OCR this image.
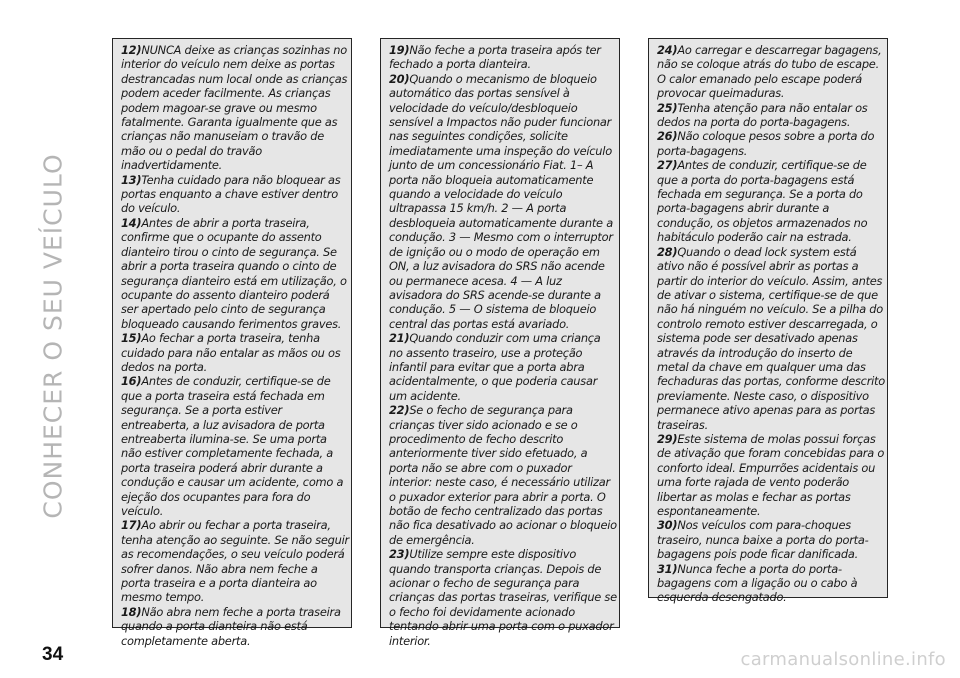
CONHECER O SEU VEÍCULO

12)NUNCA deixe as crianças sozinhas no interior do veículo nem deixe as portas destrancadas num local onde as crianças podem aceder facilmente. As crianças podem magoar-se grave ou mesmo fatalmente. Garanta igualmente que as crianças não manuseiam o travão de mão ou o pedal do travão inadvertidamente.

13)Tenha cuidado para não bloquear as portas enquanto a chave estiver dentro do veículo.

14)Antes de abrir a porta traseira, confirme que o ocupante do assento dianteiro tirou o cinto de segurança. Se abrir a porta traseira quando o cinto de segurança dianteiro está em utilização, o ocupante do assento dianteiro poderá ser apertado pelo cinto de segurança bloqueado causando ferimentos graves.

15)Ao fechar a porta traseira, tenha cuidado para não entalar as mãos ou os dedos na porta.

16)Antes de conduzir, certifique-se de que a porta traseira está fechada em segurança. Se a porta estiver entreaberta, a luz avisadora de porta entreaberta ilumina-se. Se uma porta não estiver completamente fechada, a porta traseira poderá abrir durante a condução e causar um acidente, como a ejeção dos ocupantes para fora do veículo.

17)Ao abrir ou fechar a porta traseira, tenha atenção ao seguinte. Se não seguir as recomendações, o seu veículo poderá sofrer danos. Não abra nem feche a porta traseira e a porta dianteira ao mesmo tempo.

18)Não abra nem feche a porta traseira quando a porta dianteira não está completamente aberta.

19)Não feche a porta traseira após ter fechado a porta dianteira.

20)Quando o mecanismo de bloqueio automático das portas sensível à velocidade do veículo/desbloqueio sensível a Impactos não puder funcionar nas seguintes condições, solicite imediatamente uma inspeção do veículo junto de um concessionário Fiat. 1– A porta não bloqueia automaticamente quando a velocidade do veículo ultrapassa 15 km/h. 2 — A porta desbloqueia automaticamente durante a condução. 3 — Mesmo com o interruptor de ignição ou o modo de operação em ON, a luz avisadora do SRS não acende ou permanece acesa. 4 — A luz avisadora do SRS acende-se durante a condução. 5 — O sistema de bloqueio central das portas está avariado.

21)Quando conduzir com uma criança no assento traseiro, use a proteção infantil para evitar que a porta abra acidentalmente, o que poderia causar um acidente.

22)Se o fecho de segurança para crianças tiver sido acionado e se o procedimento de fecho descrito anteriormente tiver sido efetuado, a porta não se abre com o puxador interior: neste caso, é necessário utilizar o puxador exterior para abrir a porta. O botão de fecho centralizado das portas não fica desativado ao acionar o bloqueio de emergência.

23)Utilize sempre este dispositivo quando transporta crianças. Depois de acionar o fecho de segurança para crianças das portas traseiras, verifique se o fecho foi devidamente acionado tentando abrir uma porta com o puxador interior.

24)Ao carregar e descarregar bagagens, não se coloque atrás do tubo de escape. O calor emanado pelo escape poderá provocar queimaduras.

25)Tenha atenção para não entalar os dedos na porta do porta-bagagens.

26)Não coloque pesos sobre a porta do porta-bagagens.

27)Antes de conduzir, certifique-se de que a porta do porta-bagagens está fechada em segurança. Se a porta do porta-bagagens abrir durante a condução, os objetos armazenados no habitáculo poderão cair na estrada.

28)Quando o dead lock system está ativo não é possível abrir as portas a partir do interior do veículo. Assim, antes de ativar o sistema, certifique-se de que não há ninguém no veículo. Se a pilha do controlo remoto estiver descarregada, o sistema pode ser desativado apenas através da introdução do inserto de metal da chave em qualquer uma das fechaduras das portas, conforme descrito previamente. Neste caso, o dispositivo permanece ativo apenas para as portas traseiras.

29)Este sistema de molas possui forças de ativação que foram concebidas para o conforto ideal. Empurrões acidentais ou uma forte rajada de vento poderão libertar as molas e fechar as portas espontaneamente.

30)Nos veículos com para-choques traseiro, nunca baixe a porta do porta-bagagens pois pode ficar danificada.

31)Nunca feche a porta do porta-bagagens com a ligação ou o cabo à esquerda desengatado.

34	carmanualsonline.info
